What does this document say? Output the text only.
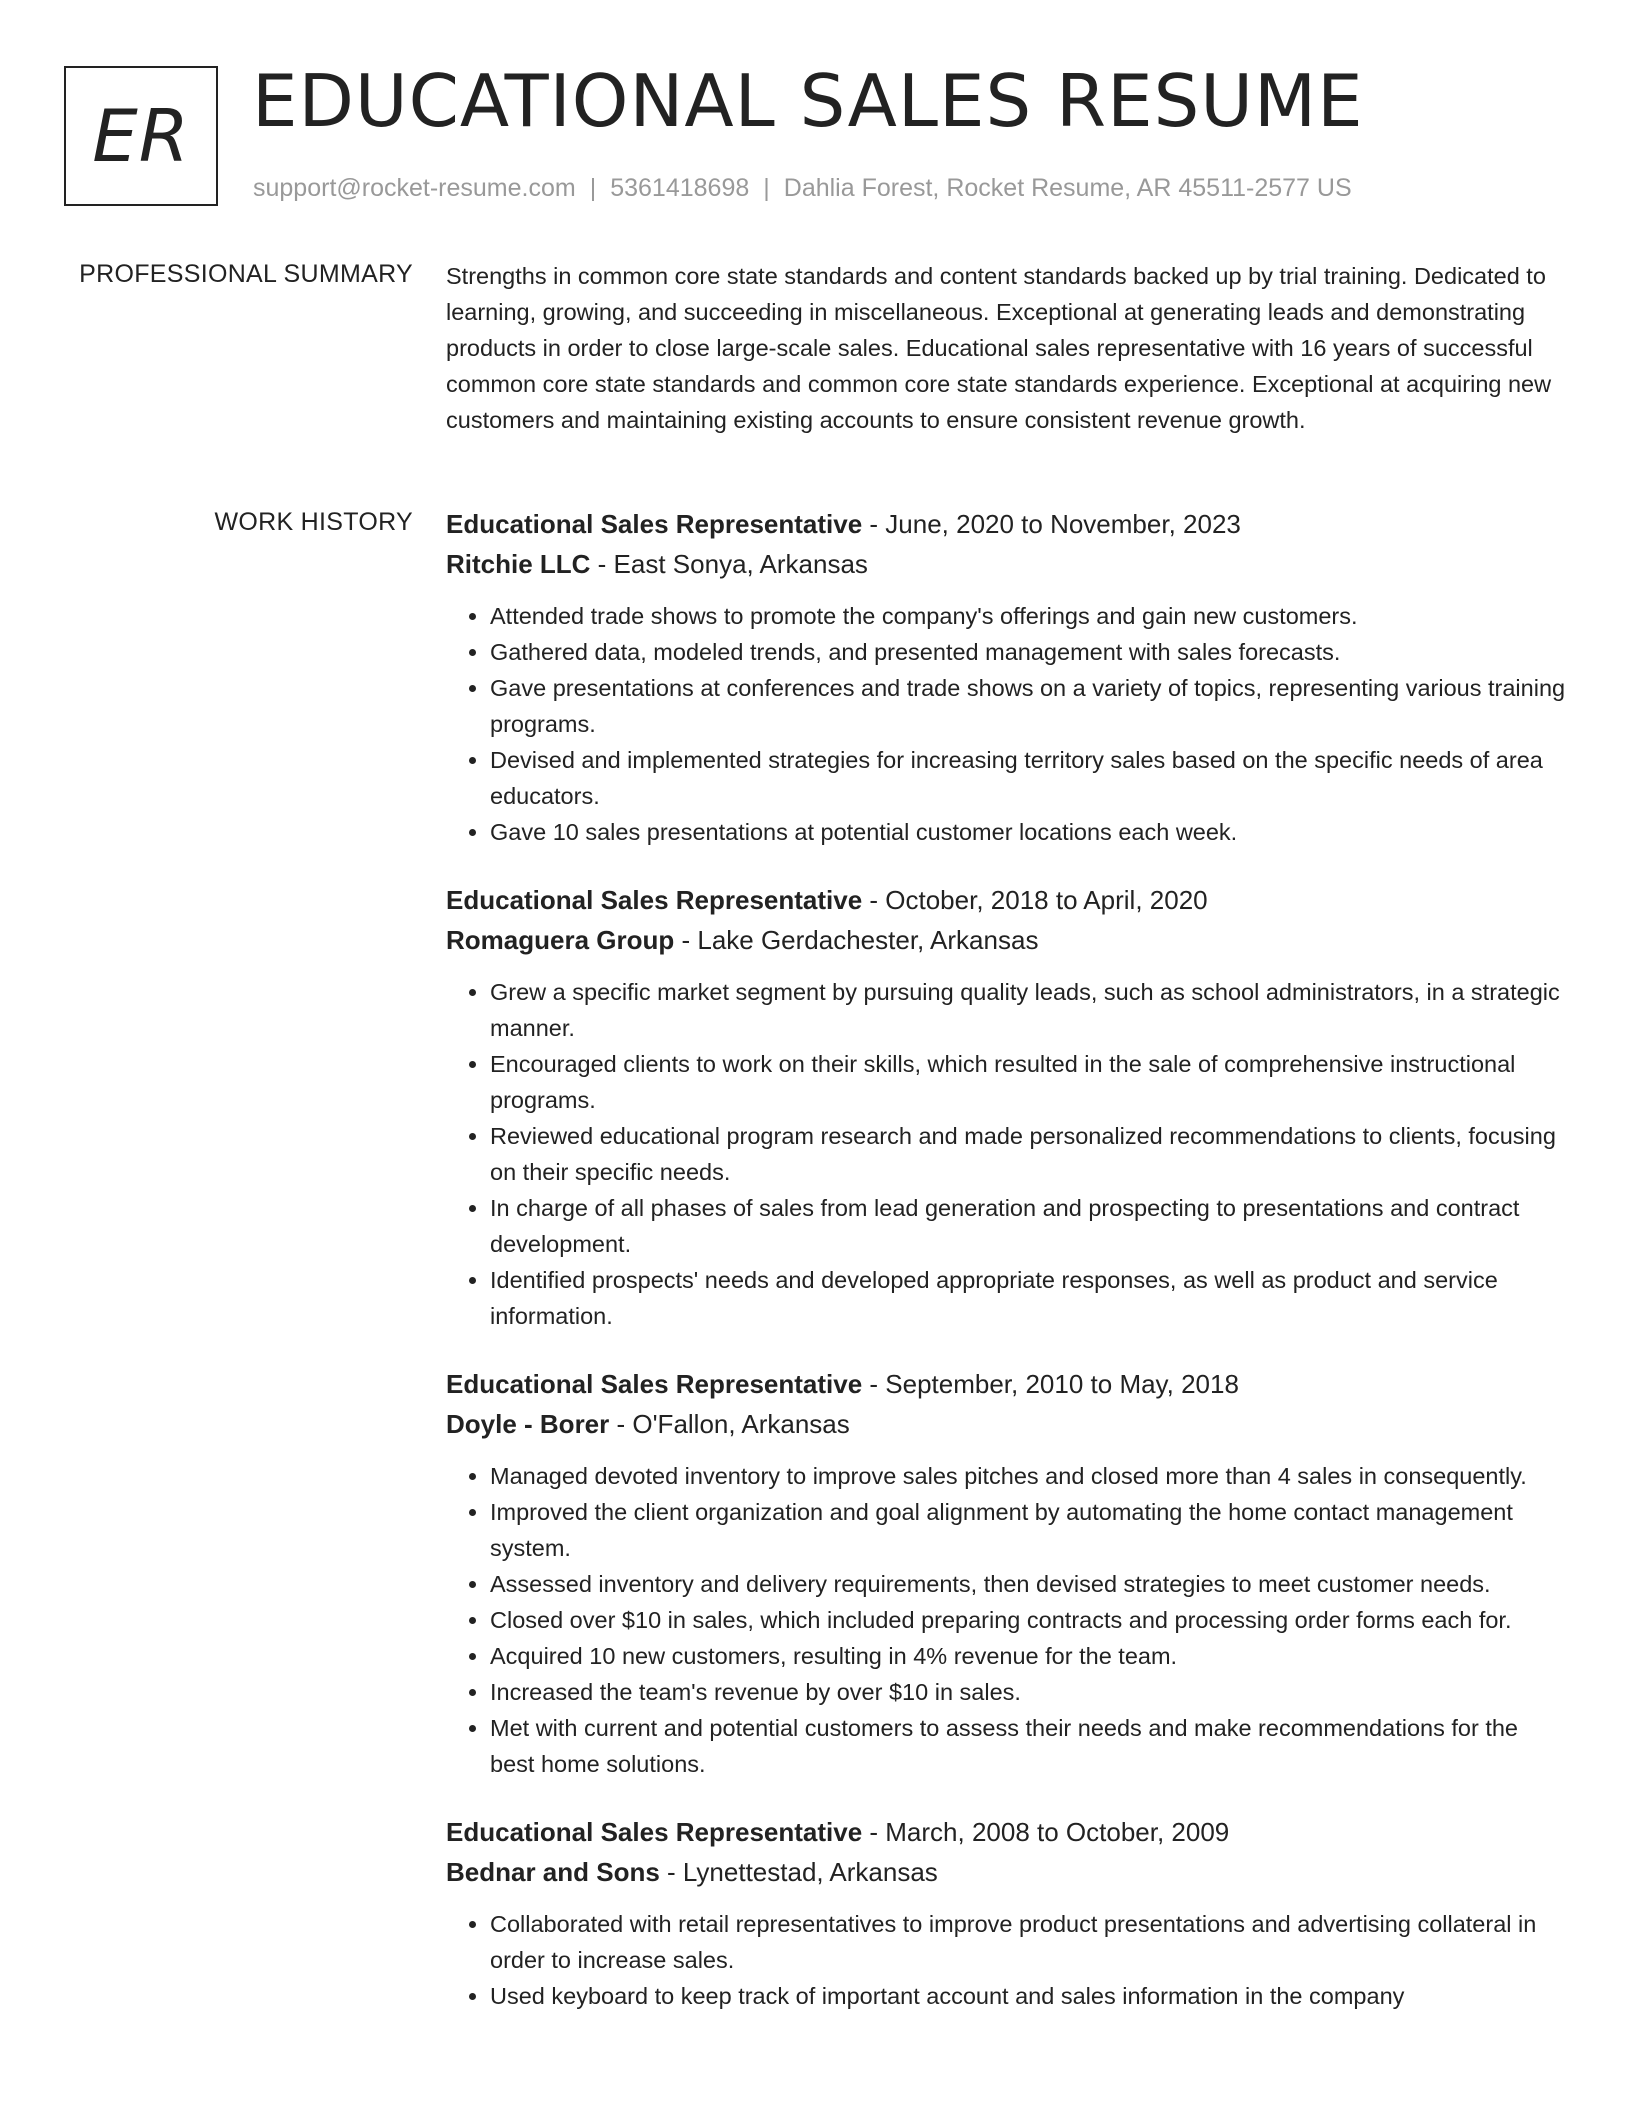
ER EDUCATIONAL SALES RESUME
support@rocket-resume.com | 5361418698 | Dahlia Forest, Rocket Resume, AR 45511-2577 US
PROFESSIONAL SUMMARY Strengths in common core state standards and content standards backed up by trial training. Dedicated to learning, growing, and succeeding in miscellaneous. Exceptional at generating leads and demonstrating products in order to close large-scale sales. Educational sales representative with 16 years of successful common core state standards and common core state standards experience. Exceptional at acquiring new customers and maintaining existing accounts to ensure consistent revenue growth.

WORK HISTORY Educational Sales Representative - June, 2020 to November, 2023
Ritchie LLC - East Sonya, Arkansas
• Attended trade shows to promote the company's offerings and gain new customers.
• Gathered data, modeled trends, and presented management with sales forecasts.
• Gave presentations at conferences and trade shows on a variety of topics, representing various training programs.
• Devised and implemented strategies for increasing territory sales based on the specific needs of area educators.
• Gave 10 sales presentations at potential customer locations each week.
Educational Sales Representative - October, 2018 to April, 2020
Romaguera Group - Lake Gerdachester, Arkansas
• Grew a specific market segment by pursuing quality leads, such as school administrators, in a strategic manner.
• Encouraged clients to work on their skills, which resulted in the sale of comprehensive instructional programs.
• Reviewed educational program research and made personalized recommendations to clients, focusing on their specific needs.
• In charge of all phases of sales from lead generation and prospecting to presentations and contract development.
• Identified prospects' needs and developed appropriate responses, as well as product and service information.
Educational Sales Representative - September, 2010 to May, 2018
Doyle - Borer - O'Fallon, Arkansas
• Managed devoted inventory to improve sales pitches and closed more than 4 sales in consequently.
• Improved the client organization and goal alignment by automating the home contact management system.
• Assessed inventory and delivery requirements, then devised strategies to meet customer needs.
• Closed over $10 in sales, which included preparing contracts and processing order forms each for.
• Acquired 10 new customers, resulting in 4% revenue for the team.
• Increased the team's revenue by over $10 in sales.
• Met with current and potential customers to assess their needs and make recommendations for the best home solutions.
Educational Sales Representative - March, 2008 to October, 2009
Bednar and Sons - Lynettestad, Arkansas
• Collaborated with retail representatives to improve product presentations and advertising collateral in order to increase sales.
• Used keyboard to keep track of important account and sales information in the company
